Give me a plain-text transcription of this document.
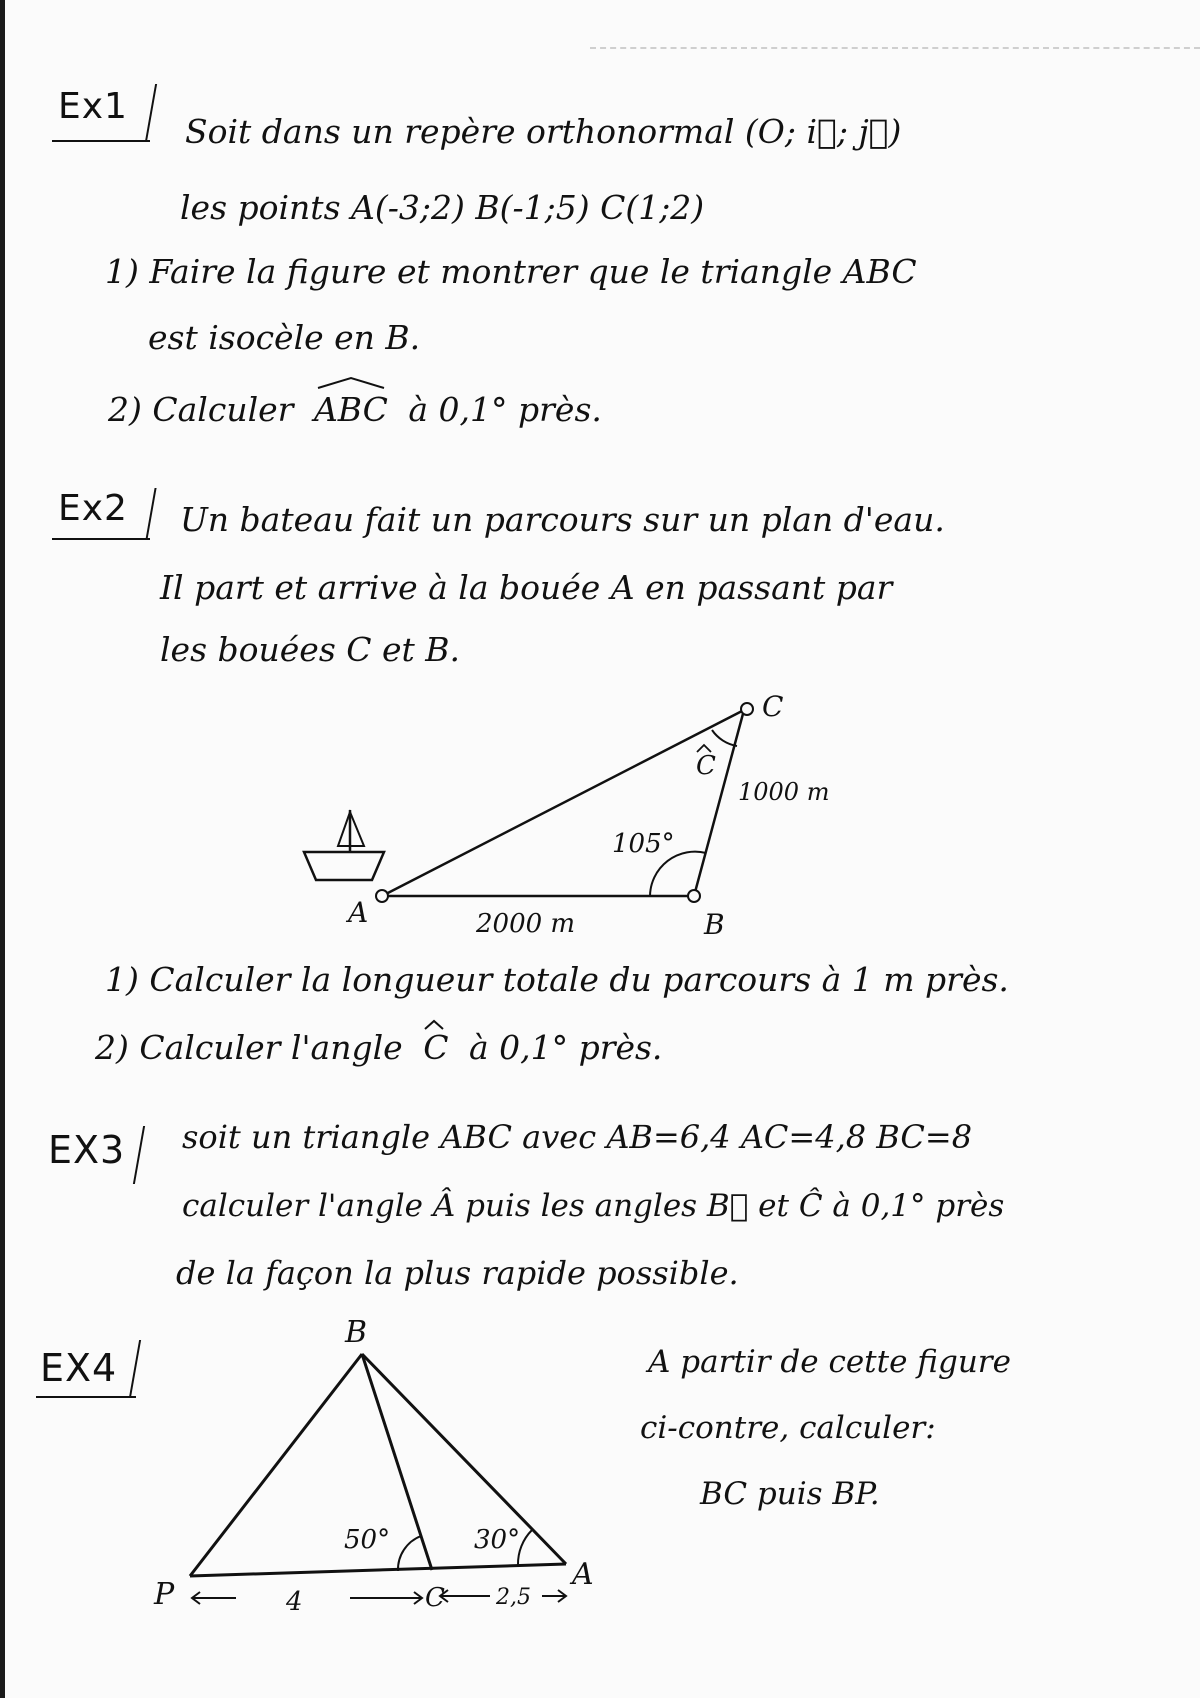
Ex1
Soit dans un repère orthonormal (O; i⃗; j⃗)
les points A(-3;2) B(-1;5) C(1;2)
1) Faire la figure et montrer que le triangle ABC
est isocèle en B.
2) Calculer ABC à 0,1° près.
Ex2 Un bateau fait un parcours sur un plan d'eau.
Il part et arrive à la bouée A en passant par
les bouées C et B.
A	B
C
C
1000 m
105°
2000 m
1) Calculer la longueur totale du parcours à 1 m près.
2) Calculer l'angle C à 0,1° près.
EX3 soit un triangle ABC avec AB=6,4 AC=4,8 BC=8
calculer l'angle Â puis les angles B⃗ et Ĉ à 0,1° près
de la façon la plus rapide possible.
EX4
B
P
A
C
50°	30°
4	2,5
A partir de cette figure
ci-contre, calculer:
BC puis BP.
